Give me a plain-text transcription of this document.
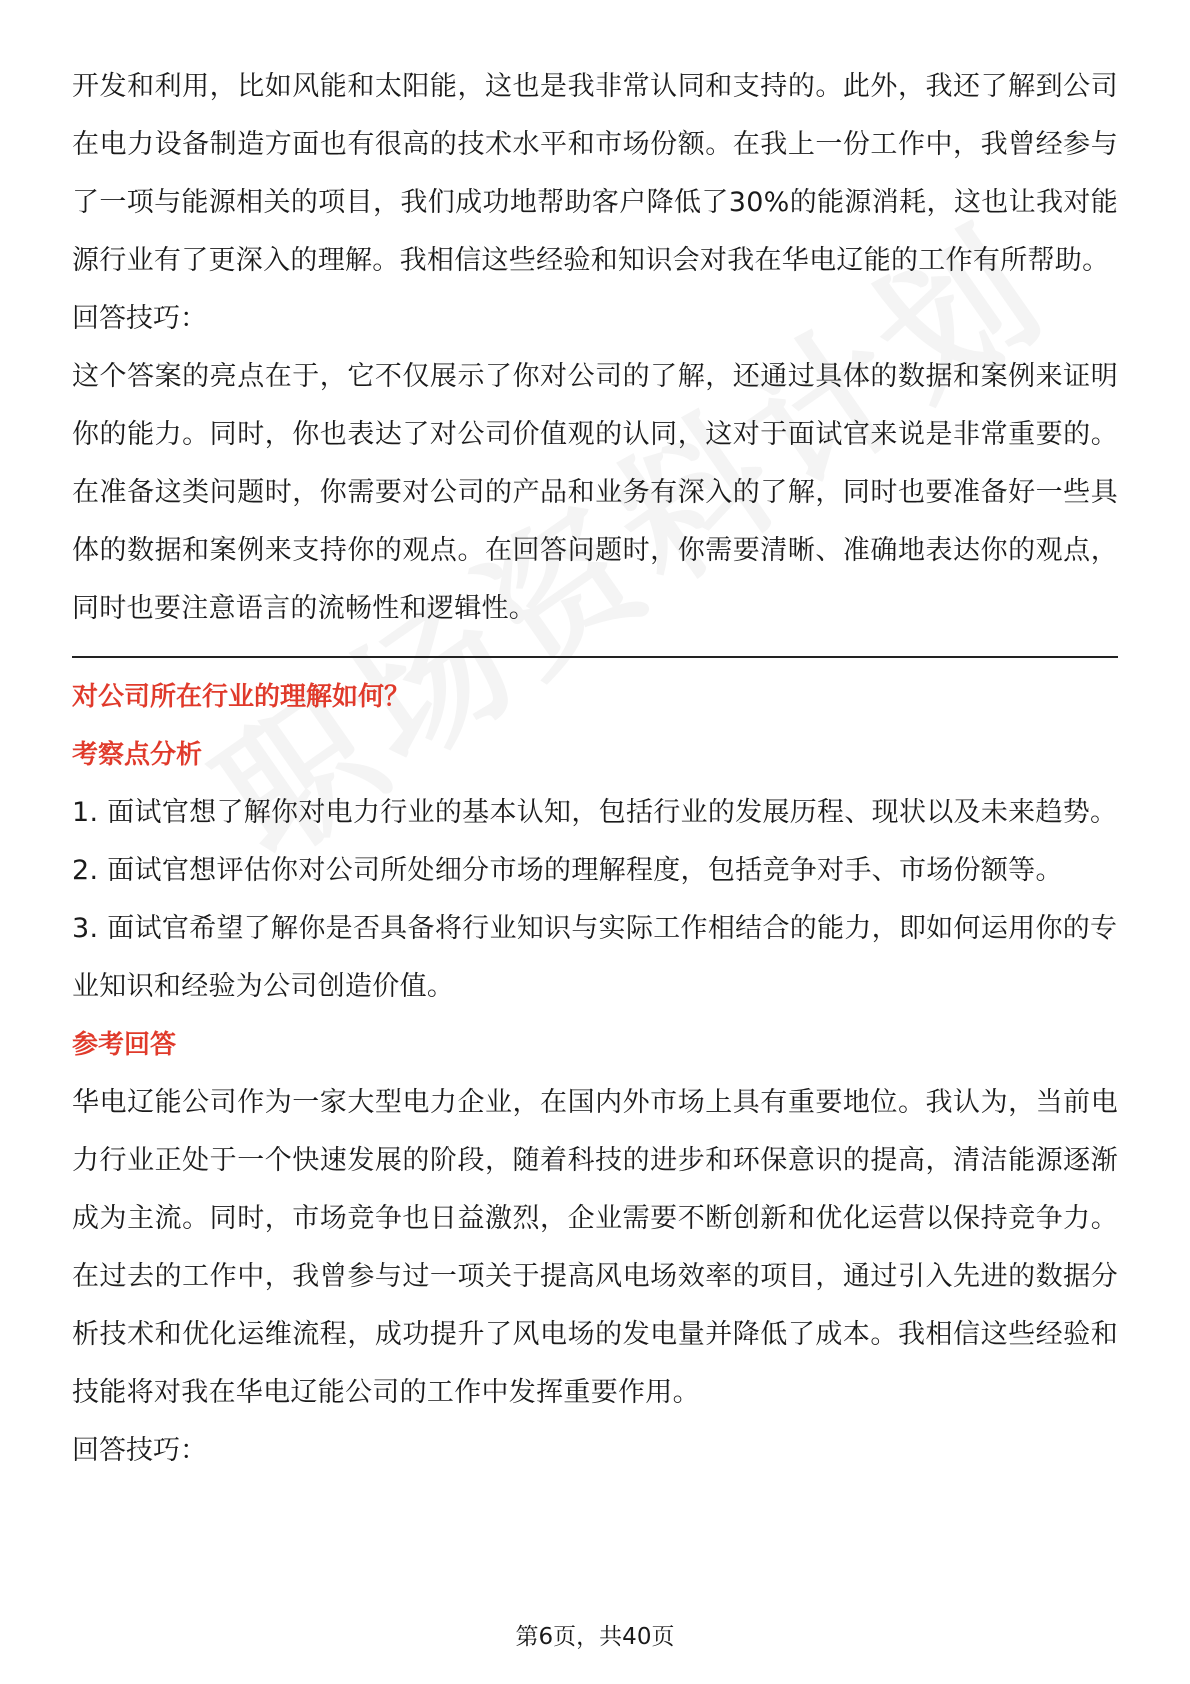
开发和利用，比如风能和太阳能，这也是我非常认同和支持的。此外，我还了解到公司在电力设备制造方面也有很高的技术水平和市场份额。在我上一份工作中，我曾经参与了一项与能源相关的项目，我们成功地帮助客户降低了30%的能源消耗，这也让我对能源行业有了更深入的理解。我相信这些经验和知识会对我在华电辽能的工作有所帮助。

回答技巧：

这个答案的亮点在于，它不仅展示了你对公司的了解，还通过具体的数据和案例来证明你的能力。同时，你也表达了对公司价值观的认同，这对于面试官来说是非常重要的。在准备这类问题时，你需要对公司的产品和业务有深入的了解，同时也要准备好一些具体的数据和案例来支持你的观点。在回答问题时，你需要清晰、准确地表达你的观点，同时也要注意语言的流畅性和逻辑性。

对公司所在行业的理解如何？

考察点分析

1. 面试官想了解你对电力行业的基本认知，包括行业的发展历程、现状以及未来趋势。

2. 面试官想评估你对公司所处细分市场的理解程度，包括竞争对手、市场份额等。

3. 面试官希望了解你是否具备将行业知识与实际工作相结合的能力，即如何运用你的专业知识和经验为公司创造价值。

参考回答

华电辽能公司作为一家大型电力企业，在国内外市场上具有重要地位。我认为，当前电力行业正处于一个快速发展的阶段，随着科技的进步和环保意识的提高，清洁能源逐渐成为主流。同时，市场竞争也日益激烈，企业需要不断创新和优化运营以保持竞争力。在过去的工作中，我曾参与过一项关于提高风电场效率的项目，通过引入先进的数据分析技术和优化运维流程，成功提升了风电场的发电量并降低了成本。我相信这些经验和技能将对我在华电辽能公司的工作中发挥重要作用。

回答技巧：

第6页，共40页
